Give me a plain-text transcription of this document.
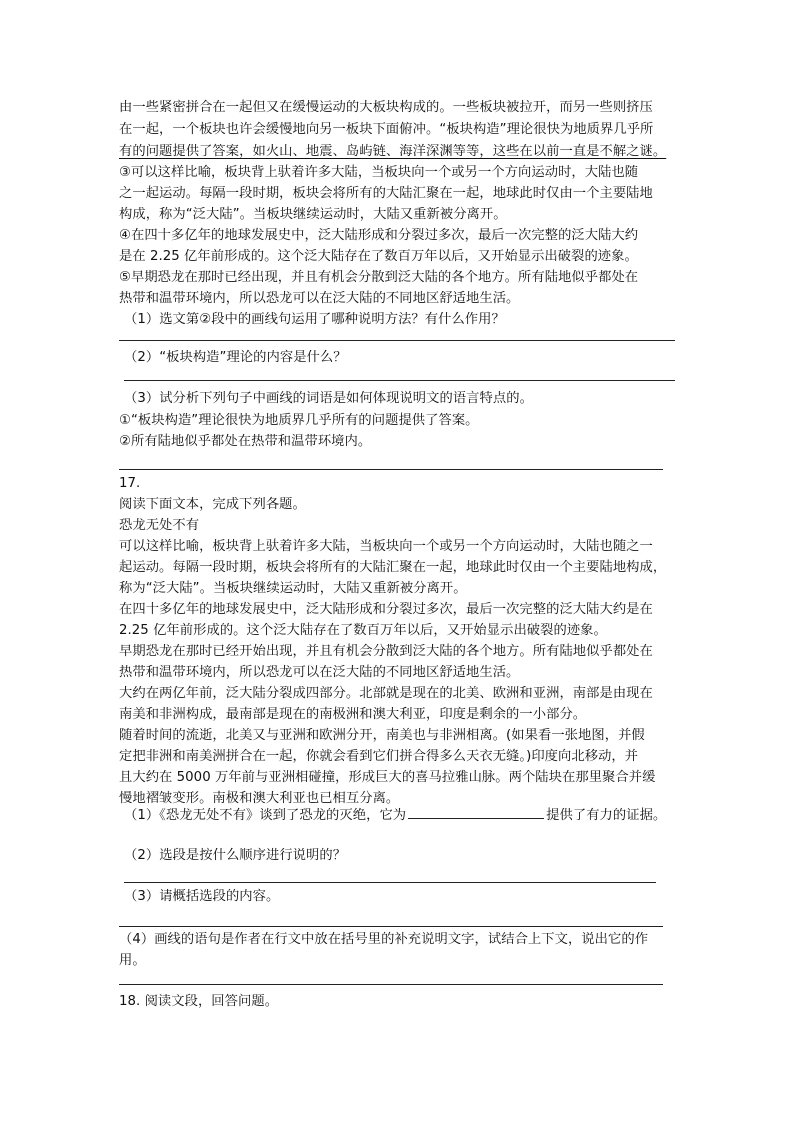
由一些紧密拼合在一起但又在缓慢运动的大板块构成的。一些板块被拉开，而另一些则挤压
在一起，一个板块也许会缓慢地向另一板块下面俯冲。“板块构造”理论很快为地质界几乎所
有的问题提供了答案，如火山、地震、岛屿链、海洋深渊等等，这些在以前一直是不解之谜。
③可以这样比喻，板块背上驮着许多大陆，当板块向一个或另一个方向运动时，大陆也随
之一起运动。每隔一段时期，板块会将所有的大陆汇聚在一起，地球此时仅由一个主要陆地
构成，称为“泛大陆”。当板块继续运动时，大陆又重新被分离开。
④在四十多亿年的地球发展史中，泛大陆形成和分裂过多次，最后一次完整的泛大陆大约
是在 2.25 亿年前形成的。这个泛大陆存在了数百万年以后，又开始显示出破裂的迹象。
⑤早期恐龙在那时已经出现，并且有机会分散到泛大陆的各个地方。所有陆地似乎都处在
热带和温带环境内，所以恐龙可以在泛大陆的不同地区舒适地生活。
（1）选文第②段中的画线句运用了哪种说明方法？有什么作用？
（2）“板块构造”理论的内容是什么？
（3）试分析下列句子中画线的词语是如何体现说明文的语言特点的。
①“板块构造”理论很快为地质界几乎所有的问题提供了答案。
②所有陆地似乎都处在热带和温带环境内。
17.
阅读下面文本，完成下列各题。
恐龙无处不有
可以这样比喻，板块背上驮着许多大陆，当板块向一个或另一个方向运动时，大陆也随之一
起运动。每隔一段时期，板块会将所有的大陆汇聚在一起，地球此时仅由一个主要陆地构成，
称为“泛大陆”。当板块继续运动时，大陆又重新被分离开。
在四十多亿年的地球发展史中，泛大陆形成和分裂过多次，最后一次完整的泛大陆大约是在
2.25 亿年前形成的。这个泛大陆存在了数百万年以后，又开始显示出破裂的迹象。
早期恐龙在那时已经开始出现，并且有机会分散到泛大陆的各个地方。所有陆地似乎都处在
热带和温带环境内，所以恐龙可以在泛大陆的不同地区舒适地生活。
大约在两亿年前，泛大陆分裂成四部分。北部就是现在的北美、欧洲和亚洲，南部是由现在
南美和非洲构成，最南部是现在的南极洲和澳大利亚，印度是剩余的一小部分。
随着时间的流逝，北美又与亚洲和欧洲分开，南美也与非洲相离。(如果看一张地图，并假
定把非洲和南美洲拼合在一起，你就会看到它们拼合得多么天衣无缝。)印度向北移动，并
且大约在 5000 万年前与亚洲相碰撞，形成巨大的喜马拉雅山脉。两个陆块在那里聚合并缓
慢地褶皱变形。南极和澳大利亚也已相互分离。
（1）《恐龙无处不有》谈到了恐龙的灭绝，它为	提供了有力的证据。
（2）选段是按什么顺序进行说明的？
（3）请概括选段的内容。
（4）画线的语句是作者在行文中放在括号里的补充说明文字，试结合上下文，说出它的作
用。
18. 阅读文段，回答问题。
